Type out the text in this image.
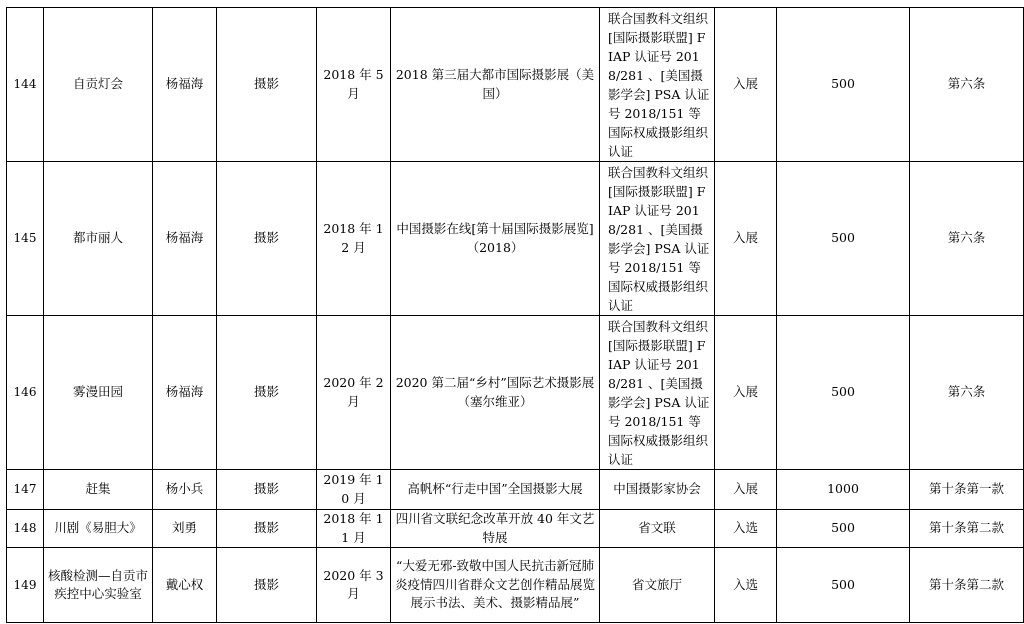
144	自贡灯会	杨福海	摄影	2018 年 5 月	2018 第三届大都市国际摄影展（美国）	联合国教科文组织 [国际摄影联盟] FIAP 认证号 2018/281 、[美国摄影学会] PSA 认证号 2018/151 等国际权威摄影组织认证	入展	500	第六条
145	都市丽人	杨福海	摄影	2018 年 12 月	中国摄影在线[第十届国际摄影展览]（2018）	联合国教科文组织 [国际摄影联盟] FIAP 认证号 2018/281 、[美国摄影学会] PSA 认证号 2018/151 等国际权威摄影组织认证	入展	500	第六条
146	雾漫田园	杨福海	摄影	2020 年 2 月	2020 第二届“乡村”国际艺术摄影展（塞尔维亚）	联合国教科文组织 [国际摄影联盟] FIAP 认证号 2018/281 、[美国摄影学会] PSA 认证号 2018/151 等国际权威摄影组织认证	入展	500	第六条
147	赶集	杨小兵	摄影	2019 年 10 月	高帆杯“行走中国”全国摄影大展	中国摄影家协会	入展	1000	第十条第一款
148	川剧《易胆大》	刘勇	摄影	2018 年 11 月	四川省文联纪念改革开放 40 年文艺特展	省文联	入选	500	第十条第二款
149	核酸检测—自贡市疾控中心实验室	戴心权	摄影	2020 年 3 月	“大爱无邪-致敬中国人民抗击新冠肺炎疫情四川省群众文艺创作精品展览展示书法、美术、摄影精品展”	省文旅厅	入选	500	第十条第二款
